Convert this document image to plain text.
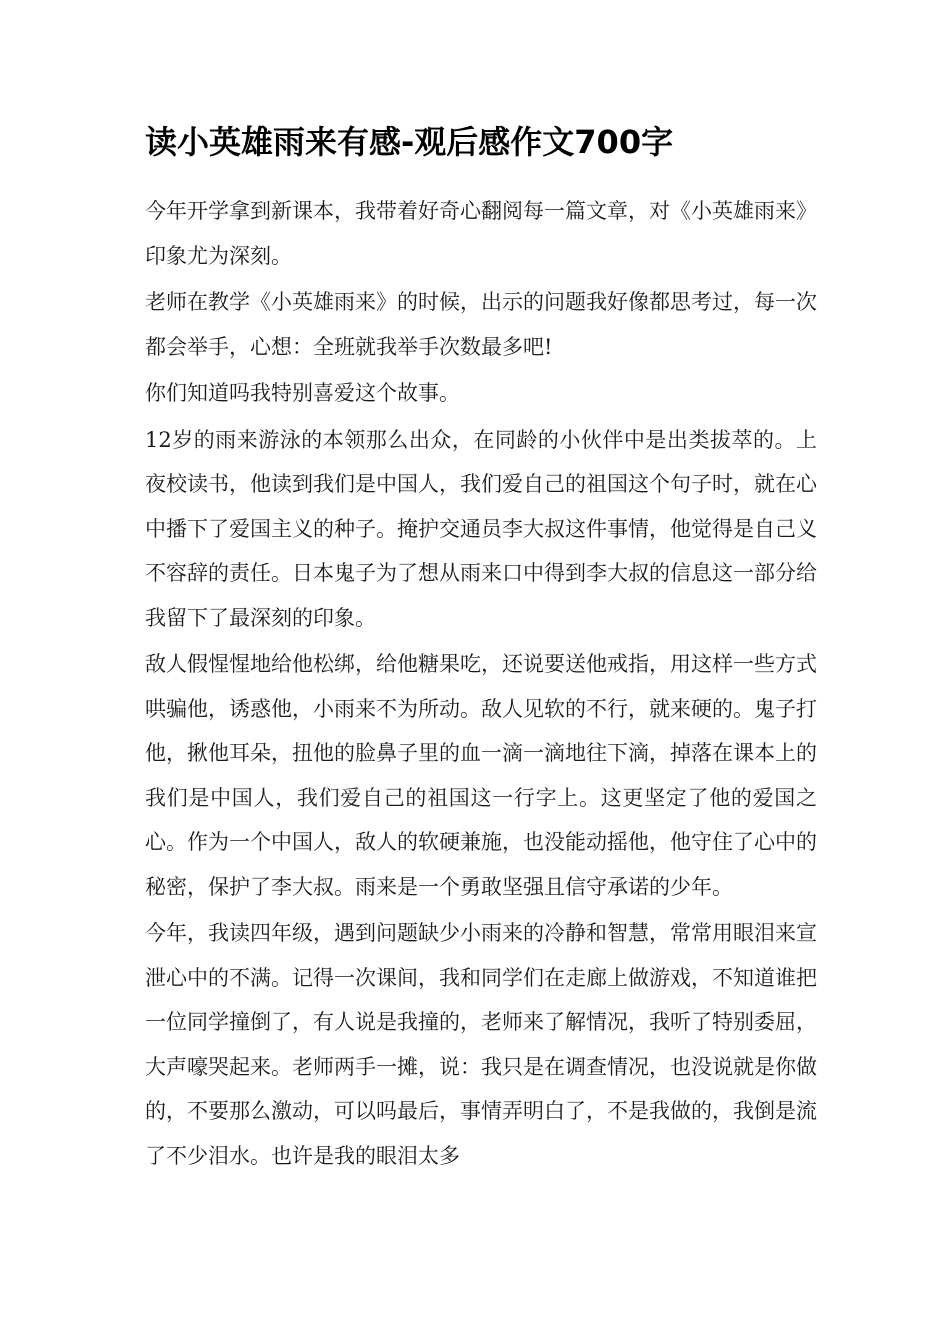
读小英雄雨来有感-观后感作文700字

今年开学拿到新课本，我带着好奇心翻阅每一篇文章，对《小英雄雨来》印象尤为深刻。

老师在教学《小英雄雨来》的时候，出示的问题我好像都思考过，每一次都会举手，心想：全班就我举手次数最多吧!

你们知道吗我特别喜爱这个故事。

12岁的雨来游泳的本领那么出众，在同龄的小伙伴中是出类拔萃的。上夜校读书，他读到我们是中国人，我们爱自己的祖国这个句子时，就在心中播下了爱国主义的种子。掩护交通员李大叔这件事情，他觉得是自己义不容辞的责任。日本鬼子为了想从雨来口中得到李大叔的信息这一部分给我留下了最深刻的印象。

敌人假惺惺地给他松绑，给他糖果吃，还说要送他戒指，用这样一些方式哄骗他，诱惑他，小雨来不为所动。敌人见软的不行，就来硬的。鬼子打他，揪他耳朵，扭他的脸鼻子里的血一滴一滴地往下滴，掉落在课本上的我们是中国人，我们爱自己的祖国这一行字上。这更坚定了他的爱国之心。作为一个中国人，敌人的软硬兼施，也没能动摇他，他守住了心中的秘密，保护了李大叔。雨来是一个勇敢坚强且信守承诺的少年。

今年，我读四年级，遇到问题缺少小雨来的冷静和智慧，常常用眼泪来宣泄心中的不满。记得一次课间，我和同学们在走廊上做游戏，不知道谁把一位同学撞倒了，有人说是我撞的，老师来了解情况，我听了特别委屈，大声嚎哭起来。老师两手一摊，说：我只是在调查情况，也没说就是你做的，不要那么激动，可以吗最后，事情弄明白了，不是我做的，我倒是流了不少泪水。也许是我的眼泪太多
